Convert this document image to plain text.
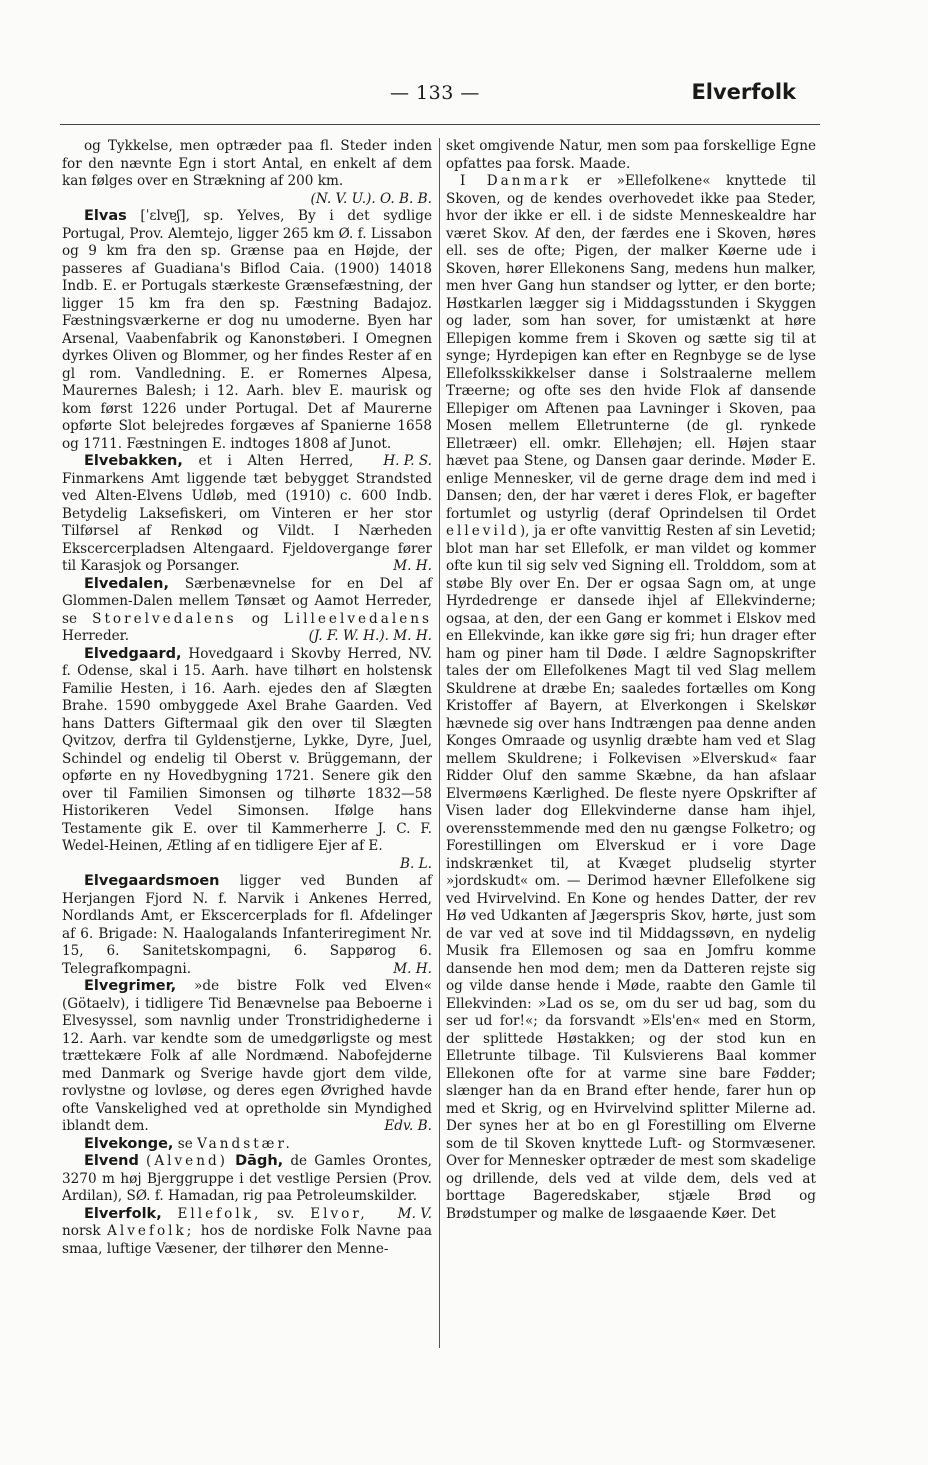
— 133 —	Elverfolk

og Tykkelse, men optræder paa fl. Steder inden for den nævnte Egn i stort Antal, en enkelt af dem kan følges over en Strækning af 200 km.

(N. V. U.). O. B. B.

Elvas [ˈɛlvɐʃ], sp. Yelves, By i det sydlige Portugal, Prov. Alemtejo, ligger 265 km Ø. f. Lissabon og 9 km fra den sp. Grænse paa en Højde, der passeres af Guadiana's Biflod Caia. (1900) 14018 Indb. E. er Portugals stærkeste Grænsefæstning, der ligger 15 km fra den sp. Fæstning Badajoz. Fæstningsværkerne er dog nu umoderne. Byen har Arsenal, Vaabenfabrik og Kanonstøberi. I Omegnen dyrkes Oliven og Blommer, og her findes Rester af en gl rom. Vandledning. E. er Romernes Alpesa, Maurernes Balesh; i 12. Aarh. blev E. maurisk og kom først 1226 under Portugal. Det af Maurerne opførte Slot belejredes forgæves af Spanierne 1658 og 1711. Fæstningen E. indtoges 1808 af Junot.
H. P. S.

Elvebakken, et i Alten Herred, Finmarkens Amt liggende tæt bebygget Strandsted ved Alten-Elvens Udløb, med (1910) c. 600 Indb. Betydelig Laksefiskeri, om Vinteren er her stor Tilførsel af Renkød og Vildt. I Nærheden Ekscercerpladsen Altengaard. Fjeldovergange fører til Karasjok og Porsanger.	M. H.

Elvedalen, Særbenævnelse for en Del af Glommen-Dalen mellem Tønsæt og Aamot Herreder, se Storelvedalens og Lilleelvedalens Herreder.	(J. F. W. H.). M. H.

Elvedgaard, Hovedgaard i Skovby Herred, NV. f. Odense, skal i 15. Aarh. have tilhørt en holstensk Familie Hesten, i 16. Aarh. ejedes den af Slægten Brahe. 1590 ombyggede Axel Brahe Gaarden. Ved hans Datters Giftermaal gik den over til Slægten Qvitzov, derfra til Gyldenstjerne, Lykke, Dyre, Juel, Schindel og endelig til Oberst v. Brüggemann, der opførte en ny Hovedbygning 1721. Senere gik den over til Familien Simonsen og tilhørte 1832—58 Historikeren Vedel Simonsen. Ifølge hans Testamente gik E. over til Kammerherre J. C. F. Wedel-Heinen, Ætling af en tidligere Ejer af E.

B. L.

Elvegaardsmoen ligger ved Bunden af Herjangen Fjord N. f. Narvik i Ankenes Herred, Nordlands Amt, er Ekscercerplads for fl. Afdelinger af 6. Brigade: N. Haalogalands Infanteriregiment Nr. 15, 6. Sanitetskompagni, 6. Sappørog 6. Telegrafkompagni.	M. H.

Elvegrimer, »de bistre Folk ved Elven« (Götaelv), i tidligere Tid Benævnelse paa Beboerne i Elvesyssel, som navnlig under Tronstridighederne i 12. Aarh. var kendte som de umedgørligste og mest trættekære Folk af alle Nordmænd. Nabofejderne med Danmark og Sverige havde gjort dem vilde, rovlystne og lovløse, og deres egen Øvrighed havde ofte Vanskelighed ved at opretholde sin Myndighed iblandt dem.	Edv. B.

Elvekonge, se Vandstær.

Elvend (Alvend) Dāgh, de Gamles Orontes, 3270 m høj Bjerggruppe i det vestlige Persien (Prov. Ardilan), SØ. f. Hamadan, rig paa Petroleumskilder.
M. V.

Elverfolk, Ellefolk, sv. Elvor, norsk Alvefolk; hos de nordiske Folk Navne paa smaa, luftige Væsener, der tilhører den Menne-

sket omgivende Natur, men som paa forskellige Egne opfattes paa forsk. Maade.

I Danmark er »Ellefolkene« knyttede til Skoven, og de kendes overhovedet ikke paa Steder, hvor der ikke er ell. i de sidste Menneskealdre har været Skov. Af den, der færdes ene i Skoven, høres ell. ses de ofte; Pigen, der malker Køerne ude i Skoven, hører Ellekonens Sang, medens hun malker, men hver Gang hun standser og lytter, er den borte; Høstkarlen lægger sig i Middagsstunden i Skyggen og lader, som han sover, for umistænkt at høre Ellepigen komme frem i Skoven og sætte sig til at synge; Hyrdepigen kan efter en Regnbyge se de lyse Ellefolksskikkelser danse i Solstraalerne mellem Træerne; og ofte ses den hvide Flok af dansende Ellepiger om Aftenen paa Lavninger i Skoven, paa Mosen mellem Elletrunterne (de gl. rynkede Elletræer) ell. omkr. Ellehøjen; ell. Højen staar hævet paa Stene, og Dansen gaar derinde. Møder E. enlige Mennesker, vil de gerne drage dem ind med i Dansen; den, der har været i deres Flok, er bagefter fortumlet og ustyrlig (deraf Oprindelsen til Ordet ellevild), ja er ofte vanvittig Resten af sin Levetid; blot man har set Ellefolk, er man vildet og kommer ofte kun til sig selv ved Signing ell. Trolddom, som at støbe Bly over En. Der er ogsaa Sagn om, at unge Hyrdedrenge er dansede ihjel af Ellekvinderne; ogsaa, at den, der een Gang er kommet i Elskov med en Ellekvinde, kan ikke gøre sig fri; hun drager efter ham og piner ham til Døde. I ældre Sagnopskrifter tales der om Ellefolkenes Magt til ved Slag mellem Skuldrene at dræbe En; saaledes fortælles om Kong Kristoffer af Bayern, at Elverkongen i Skelskør hævnede sig over hans Indtrængen paa denne anden Konges Omraade og usynlig dræbte ham ved et Slag mellem Skuldrene; i Folkevisen »Elverskud« faar Ridder Oluf den samme Skæbne, da han afslaar Elvermøens Kærlighed. De fleste nyere Opskrifter af Visen lader dog Ellekvinderne danse ham ihjel, overensstemmende med den nu gængse Folketro; og Forestillingen om Elverskud er i vore Dage indskrænket til, at Kvæget pludselig styrter »jordskudt« om. — Derimod hævner Ellefolkene sig ved Hvirvelvind. En Kone og hendes Datter, der rev Hø ved Udkanten af Jægerspris Skov, hørte, just som de var ved at sove ind til Middagssøvn, en nydelig Musik fra Ellemosen og saa en Jomfru komme dansende hen mod dem; men da Datteren rejste sig og vilde danse hende i Møde, raabte den Gamle til Ellekvinden: »Lad os se, om du ser ud bag, som du ser ud for!«; da forsvandt »Els'en« med en Storm, der splittede Høstakken; og der stod kun en Elletrunte tilbage. Til Kulsvierens Baal kommer Ellekonen ofte for at varme sine bare Fødder; slænger han da en Brand efter hende, farer hun op med et Skrig, og en Hvirvelvind splitter Milerne ad. Der synes her at bo en gl Forestilling om Elverne som de til Skoven knyttede Luft- og Stormvæsener. Over for Mennesker optræder de mest som skadelige og drillende, dels ved at vilde dem, dels ved at borttage Bageredskaber, stjæle Brød og Brødstumper og malke de løsgaaende Køer. Det
